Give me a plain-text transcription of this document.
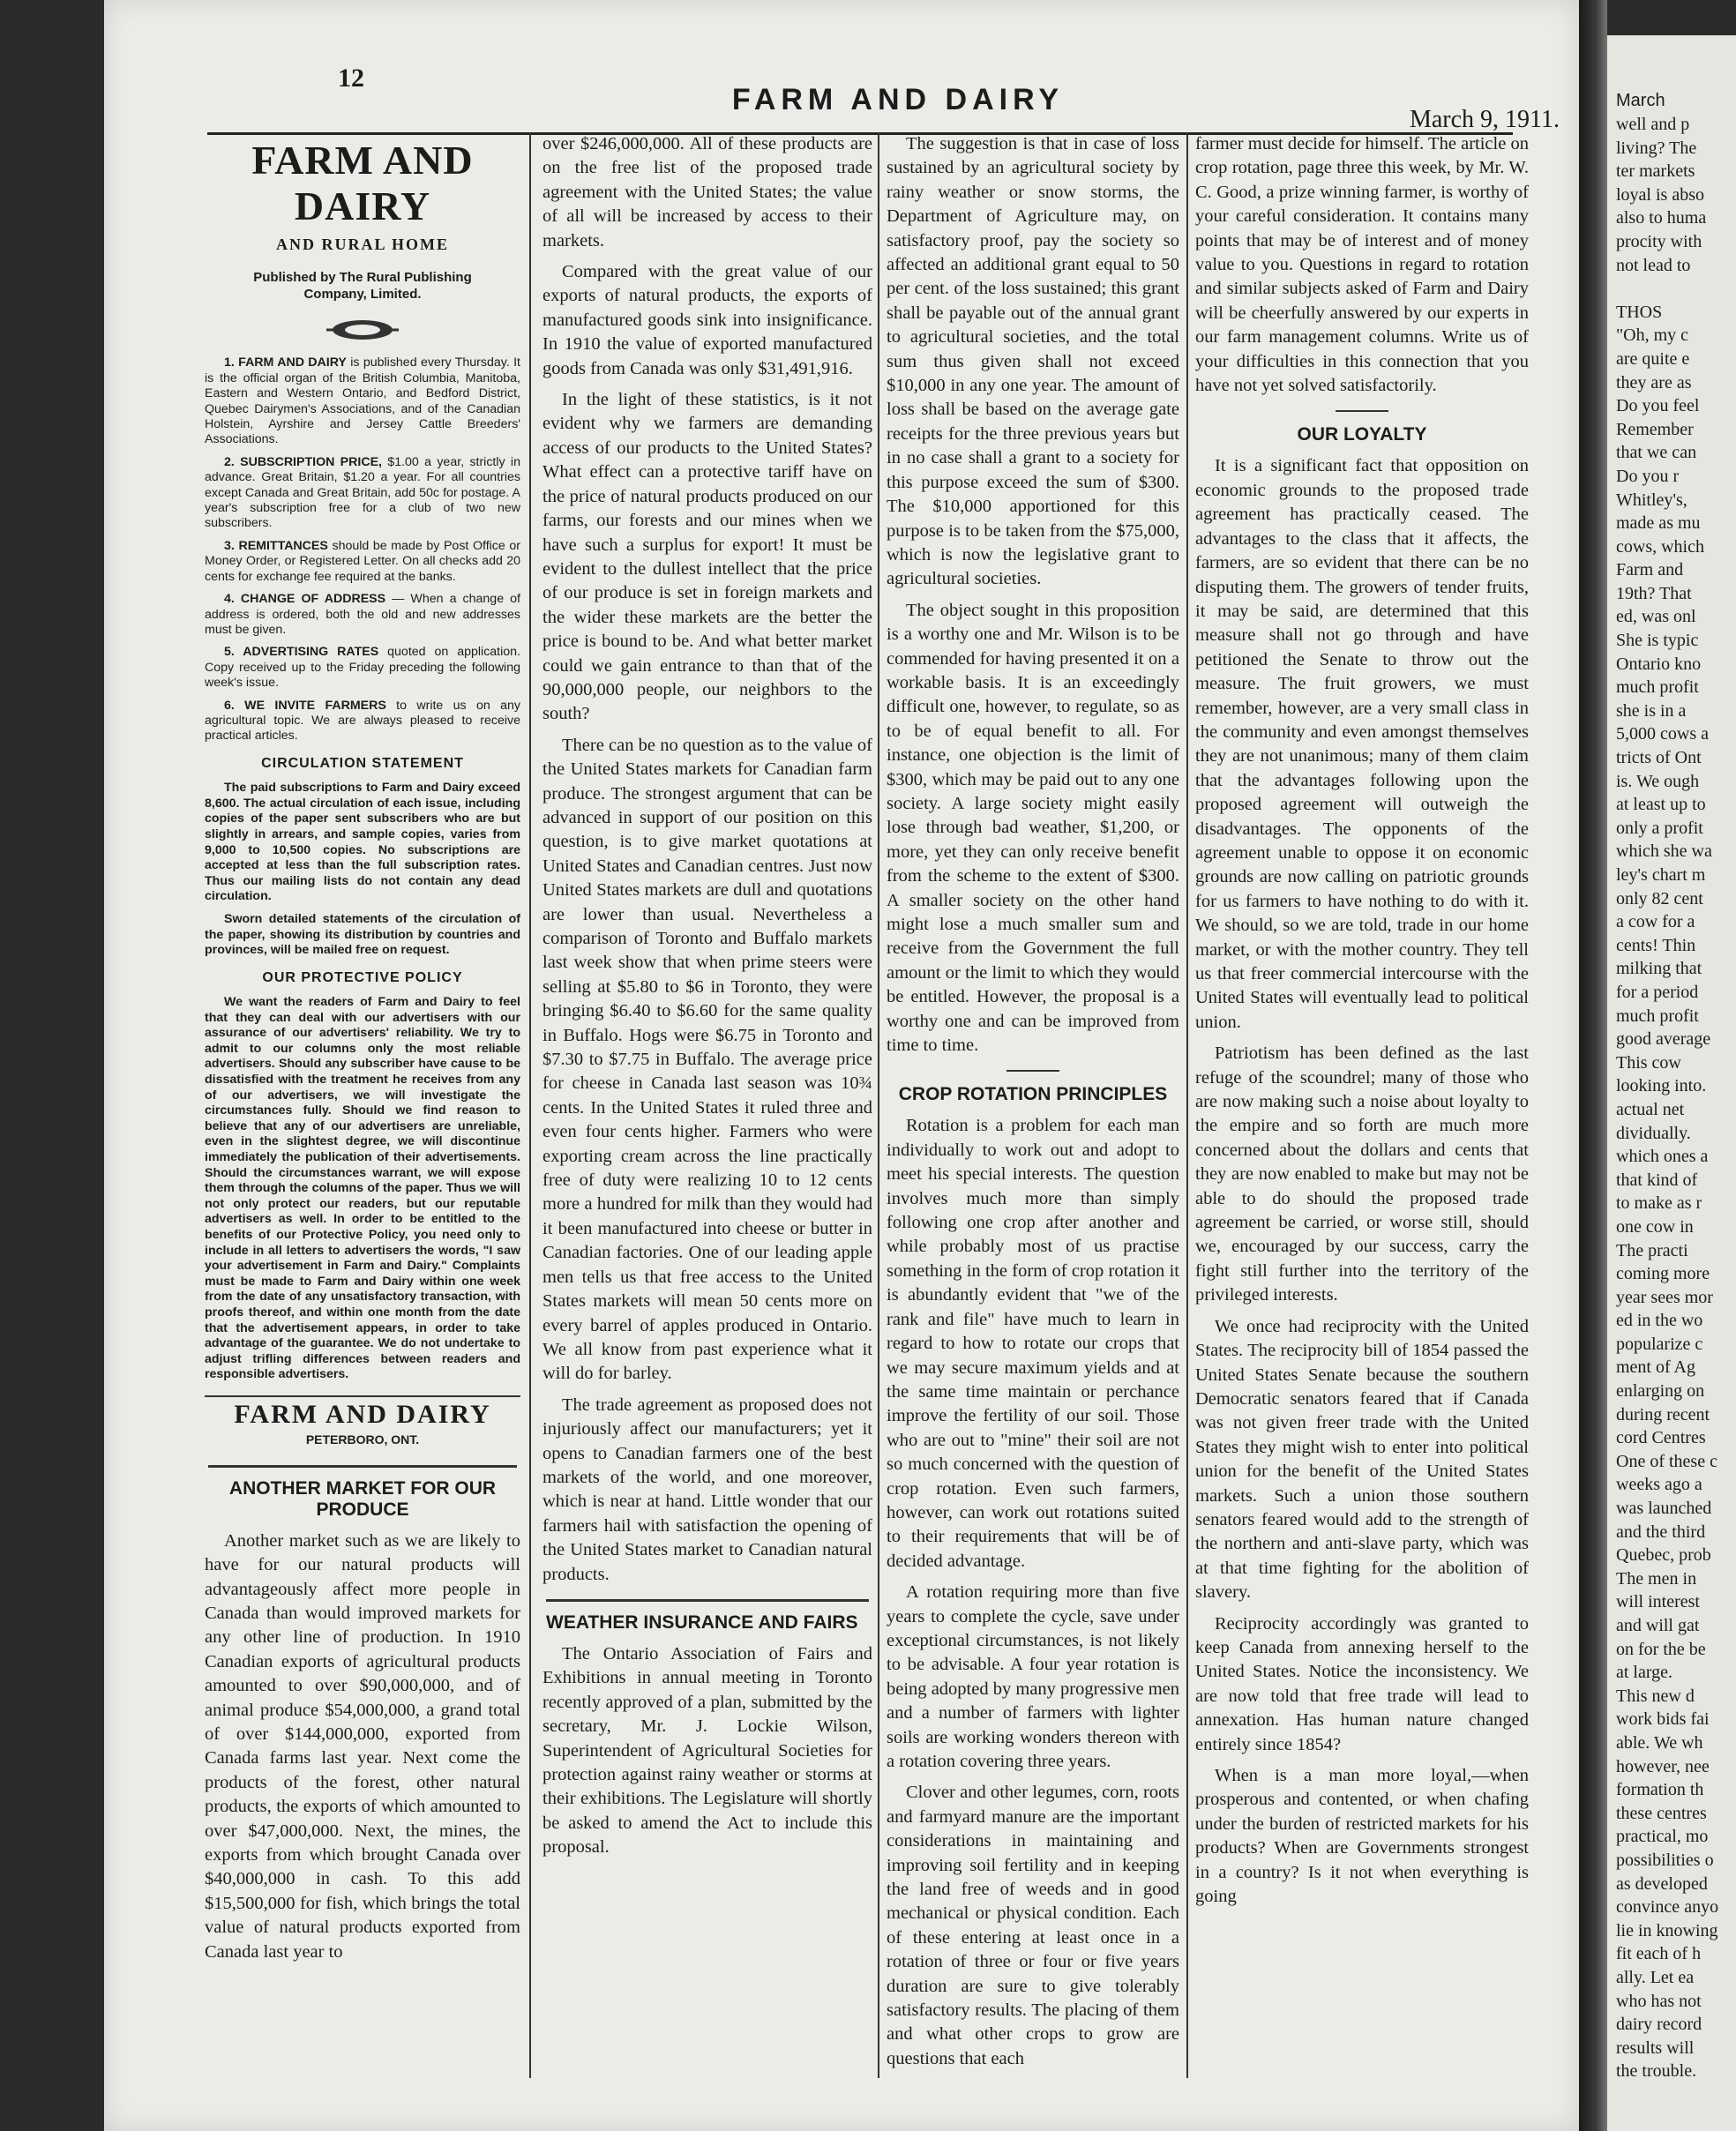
12
FARM AND DAIRY
March 9, 1911.
FARM AND DAIRY
AND RURAL HOME
Published by The Rural Publishing Company, Limited.

1. FARM AND DAIRY is published every Thursday. It is the official organ of the British Columbia, Manitoba, Eastern and Western Ontario, and Bedford District, Quebec Dairymen's Associations, and of the Canadian Holstein, Ayrshire and Jersey Cattle Breeders' Associations.

2. SUBSCRIPTION PRICE, $1.00 a year, strictly in advance. Great Britain, $1.20 a year. For all countries except Canada and Great Britain, add 50c for postage. A year's subscription free for a club of two new subscribers.

3. REMITTANCES should be made by Post Office or Money Order, or Registered Letter. On all checks add 20 cents for exchange fee required at the banks.

4. CHANGE OF ADDRESS — When a change of address is ordered, both the old and new addresses must be given.

5. ADVERTISING RATES quoted on application. Copy received up to the Friday preceding the following week's issue.

6. WE INVITE FARMERS to write us on any agricultural topic. We are always pleased to receive practical articles.

CIRCULATION STATEMENT

The paid subscriptions to Farm and Dairy exceed 8,600. The actual circulation of each issue, including copies of the paper sent subscribers who are but slightly in arrears, and sample copies, varies from 9,000 to 10,500 copies. No subscriptions are accepted at less than the full subscription rates. Thus our mailing lists do not contain any dead circulation.

Sworn detailed statements of the circulation of the paper, showing its distribution by countries and provinces, will be mailed free on request.

OUR PROTECTIVE POLICY

We want the readers of Farm and Dairy to feel that they can deal with our advertisers with our assurance of our advertisers' reliability. We try to admit to our columns only the most reliable advertisers. Should any subscriber have cause to be dissatisfied with the treatment he receives from any of our advertisers, we will investigate the circumstances fully. Should we find reason to believe that any of our advertisers are unreliable, even in the slightest degree, we will discontinue immediately the publication of their advertisements. Should the circumstances warrant, we will expose them through the columns of the paper. Thus we will not only protect our readers, but our reputable advertisers as well. In order to be entitled to the benefits of our Protective Policy, you need only to include in all letters to advertisers the words, "I saw your advertisement in Farm and Dairy." Complaints must be made to Farm and Dairy within one week from the date of any unsatisfactory transaction, with proofs thereof, and within one month from the date that the advertisement appears, in order to take advantage of the guarantee. We do not undertake to adjust trifling differences between readers and responsible advertisers.

FARM AND DAIRY
PETERBORO, ONT.
ANOTHER MARKET FOR OUR PRODUCE

Another market such as we are likely to have for our natural products will advantageously affect more people in Canada than would improved markets for any other line of production. In 1910 Canadian exports of agricultural products amounted to over $90,000,000, and of animal produce $54,000,000, a grand total of over $144,000,000, exported from Canada farms last year. Next come the products of the forest, other natural products, the exports of which amounted to over $47,000,000. Next, the mines, the exports from which brought Canada over $40,000,000 in cash. To this add $15,500,000 for fish, which brings the total value of natural products exported from Canada last year to

over $246,000,000. All of these products are on the free list of the proposed trade agreement with the United States; the value of all will be increased by access to their markets.

Compared with the great value of our exports of natural products, the exports of manufactured goods sink into insignificance. In 1910 the value of exported manufactured goods from Canada was only $31,491,916.

In the light of these statistics, is it not evident why we farmers are demanding access of our products to the United States? What effect can a protective tariff have on the price of natural products produced on our farms, our forests and our mines when we have such a surplus for export! It must be evident to the dullest intellect that the price of our produce is set in foreign markets and the wider these markets are the better the price is bound to be. And what better market could we gain entrance to than that of the 90,000,000 people, our neighbors to the south?

There can be no question as to the value of the United States markets for Canadian farm produce. The strongest argument that can be advanced in support of our position on this question, is to give market quotations at United States and Canadian centres. Just now United States markets are dull and quotations are lower than usual. Nevertheless a comparison of Toronto and Buffalo markets last week show that when prime steers were selling at $5.80 to $6 in Toronto, they were bringing $6.40 to $6.60 for the same quality in Buffalo. Hogs were $6.75 in Toronto and $7.30 to $7.75 in Buffalo. The average price for cheese in Canada last season was 10¾ cents. In the United States it ruled three and even four cents higher. Farmers who were exporting cream across the line practically free of duty were realizing 10 to 12 cents more a hundred for milk than they would had it been manufactured into cheese or butter in Canadian factories. One of our leading apple men tells us that free access to the United States markets will mean 50 cents more on every barrel of apples produced in Ontario. We all know from past experience what it will do for barley.

The trade agreement as proposed does not injuriously affect our manufacturers; yet it opens to Canadian farmers one of the best markets of the world, and one moreover, which is near at hand. Little wonder that our farmers hail with satisfaction the opening of the United States market to Canadian natural products.

WEATHER INSURANCE AND FAIRS

The Ontario Association of Fairs and Exhibitions in annual meeting in Toronto recently approved of a plan, submitted by the secretary, Mr. J. Lockie Wilson, Superintendent of Agricultural Societies for protection against rainy weather or storms at their exhibitions. The Legislature will shortly be asked to amend the Act to include this proposal.

The suggestion is that in case of loss sustained by an agricultural society by rainy weather or snow storms, the Department of Agriculture may, on satisfactory proof, pay the society so affected an additional grant equal to 50 per cent. of the loss sustained; this grant shall be payable out of the annual grant to agricultural societies, and the total sum thus given shall not exceed $10,000 in any one year. The amount of loss shall be based on the average gate receipts for the three previous years but in no case shall a grant to a society for this purpose exceed the sum of $300. The $10,000 apportioned for this purpose is to be taken from the $75,000, which is now the legislative grant to agricultural societies.

The object sought in this proposition is a worthy one and Mr. Wilson is to be commended for having presented it on a workable basis. It is an exceedingly difficult one, however, to regulate, so as to be of equal benefit to all. For instance, one objection is the limit of $300, which may be paid out to any one society. A large society might easily lose through bad weather, $1,200, or more, yet they can only receive benefit from the scheme to the extent of $300. A smaller society on the other hand might lose a much smaller sum and receive from the Government the full amount or the limit to which they would be entitled. However, the proposal is a worthy one and can be improved from time to time.

CROP ROTATION PRINCIPLES

Rotation is a problem for each man individually to work out and adopt to meet his special interests. The question involves much more than simply following one crop after another and while probably most of us practise something in the form of crop rotation it is abundantly evident that "we of the rank and file" have much to learn in regard to how to rotate our crops that we may secure maximum yields and at the same time maintain or perchance improve the fertility of our soil. Those who are out to "mine" their soil are not so much concerned with the question of crop rotation. Even such farmers, however, can work out rotations suited to their requirements that will be of decided advantage.

A rotation requiring more than five years to complete the cycle, save under exceptional circumstances, is not likely to be advisable. A four year rotation is being adopted by many progressive men and a number of farmers with lighter soils are working wonders thereon with a rotation covering three years.

Clover and other legumes, corn, roots and farmyard manure are the important considerations in maintaining and improving soil fertility and in keeping the land free of weeds and in good mechanical or physical condition. Each of these entering at least once in a rotation of three or four or five years duration are sure to give tolerably satisfactory results. The placing of them and what other crops to grow are questions that each

farmer must decide for himself. The article on crop rotation, page three this week, by Mr. W. C. Good, a prize winning farmer, is worthy of your careful consideration. It contains many points that may be of interest and of money value to you. Questions in regard to rotation and similar subjects asked of Farm and Dairy will be cheerfully answered by our experts in our farm management columns. Write us of your difficulties in this connection that you have not yet solved satisfactorily.

OUR LOYALTY

It is a significant fact that opposition on economic grounds to the proposed trade agreement has practically ceased. The advantages to the class that it affects, the farmers, are so evident that there can be no disputing them. The growers of tender fruits, it may be said, are determined that this measure shall not go through and have petitioned the Senate to throw out the measure. The fruit growers, we must remember, however, are a very small class in the community and even amongst themselves they are not unanimous; many of them claim that the advantages following upon the proposed agreement will outweigh the disadvantages. The opponents of the agreement unable to oppose it on economic grounds are now calling on patriotic grounds for us farmers to have nothing to do with it. We should, so we are told, trade in our home market, or with the mother country. They tell us that freer commercial intercourse with the United States will eventually lead to political union.

Patriotism has been defined as the last refuge of the scoundrel; many of those who are now making such a noise about loyalty to the empire and so forth are much more concerned about the dollars and cents that they are now enabled to make but may not be able to do should the proposed trade agreement be carried, or worse still, should we, encouraged by our success, carry the fight still further into the territory of the privileged interests.

We once had reciprocity with the United States. The reciprocity bill of 1854 passed the United States Senate because the southern Democratic senators feared that if Canada was not given freer trade with the United States they might wish to enter into political union for the benefit of the United States markets. Such a union those southern senators feared would add to the strength of the northern and anti-slave party, which was at that time fighting for the abolition of slavery.

Reciprocity accordingly was granted to keep Canada from annexing herself to the United States. Notice the inconsistency. We are now told that free trade will lead to annexation. Has human nature changed entirely since 1854?

When is a man more loyal,—when prosperous and contented, or when chafing under the burden of restricted markets for his products? When are Governments strongest in a country? Is it not when everything is going

March
well and p
living? The
ter markets
loyal is abso
also to huma
procity with
not lead to

THOS
"Oh, my c
are quite e
they are as
Do you feel
Remember
that we can
Do you r
Whitley's,
made as mu
cows, which
Farm and
19th? That
ed, was onl
She is typic
Ontario kno
much profit
she is in a
5,000 cows a
tricts of Ont
is. We ough
at least up to
only a profit
which she wa
ley's chart m
only 82 cent
a cow for a
cents! Thin
milking that
for a period
much profit
good average
This cow
looking into.
actual net
dividually.
which ones a
that kind of
to make as r
one cow in
The practi
coming more
year sees mor
ed in the wo
popularize c
ment of Ag
enlarging on
during recent
cord Centres
One of these c
weeks ago a
was launched
and the third
Quebec, prob
The men in
will interest
and will gat
on for the be
at large.
This new d
work bids fai
able. We wh
however, nee
formation th
these centres
practical, mo
possibilities o
as developed
convince anyo
lie in knowing
fit each of h
ally. Let ea
who has not
dairy record
results will
the trouble.
